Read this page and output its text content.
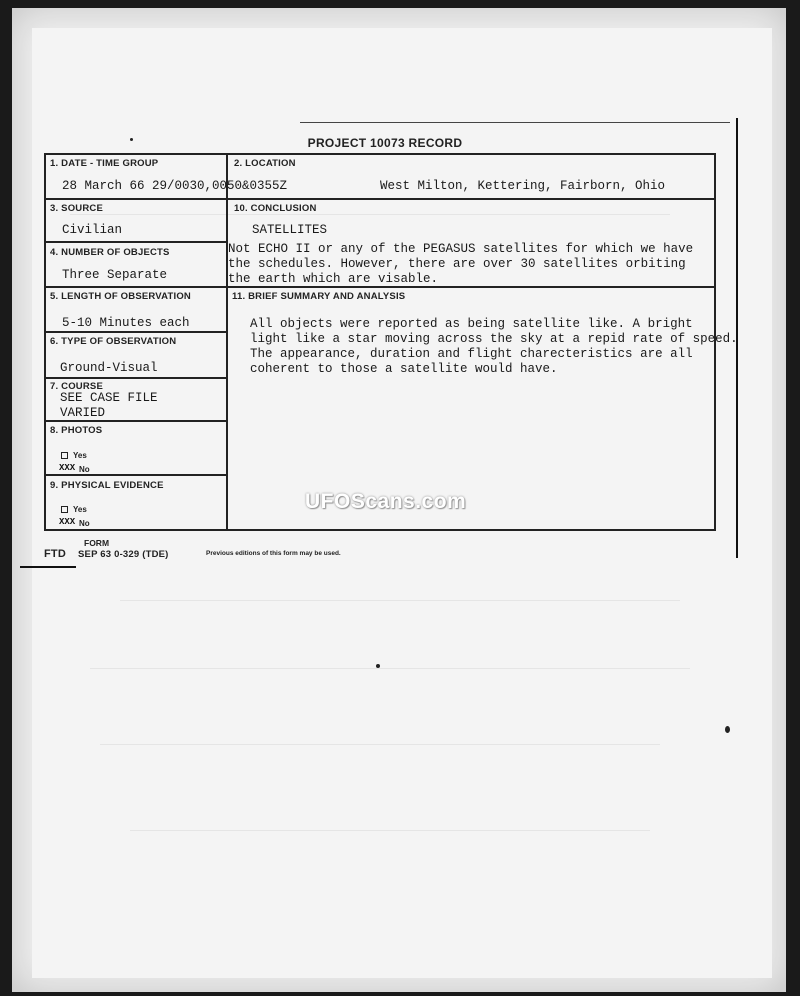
PROJECT 10073 RECORD
1. DATE - TIME GROUP
28 March 66 29/0030,0050&0355Z
2. LOCATION
West Milton, Kettering, Fairborn, Ohio
3. SOURCE
Civilian
10. CONCLUSION
SATELLITES
Not ECHO II or any of the PEGASUS satellites for which we have
the schedules. However, there are over 30 satellites orbiting
the earth which are visable.
4. NUMBER OF OBJECTS
Three Separate
5. LENGTH OF OBSERVATION
5-10 Minutes each
11. BRIEF SUMMARY AND ANALYSIS
All objects were reported as being satellite like. A bright
light like a star moving across the sky at a repid rate of speed.
The appearance, duration and flight charecteristics are all
coherent to those a satellite would have.
6. TYPE OF OBSERVATION
Ground-Visual
7. COURSE
SEE CASE FILE
VARIED
8. PHOTOS
Yes
XXX No
9. PHYSICAL EVIDENCE
Yes
XXX No
UFOScans.com
FORM
FTD SEP 63 0-329 (TDE)	Previous editions of this form may be used.
